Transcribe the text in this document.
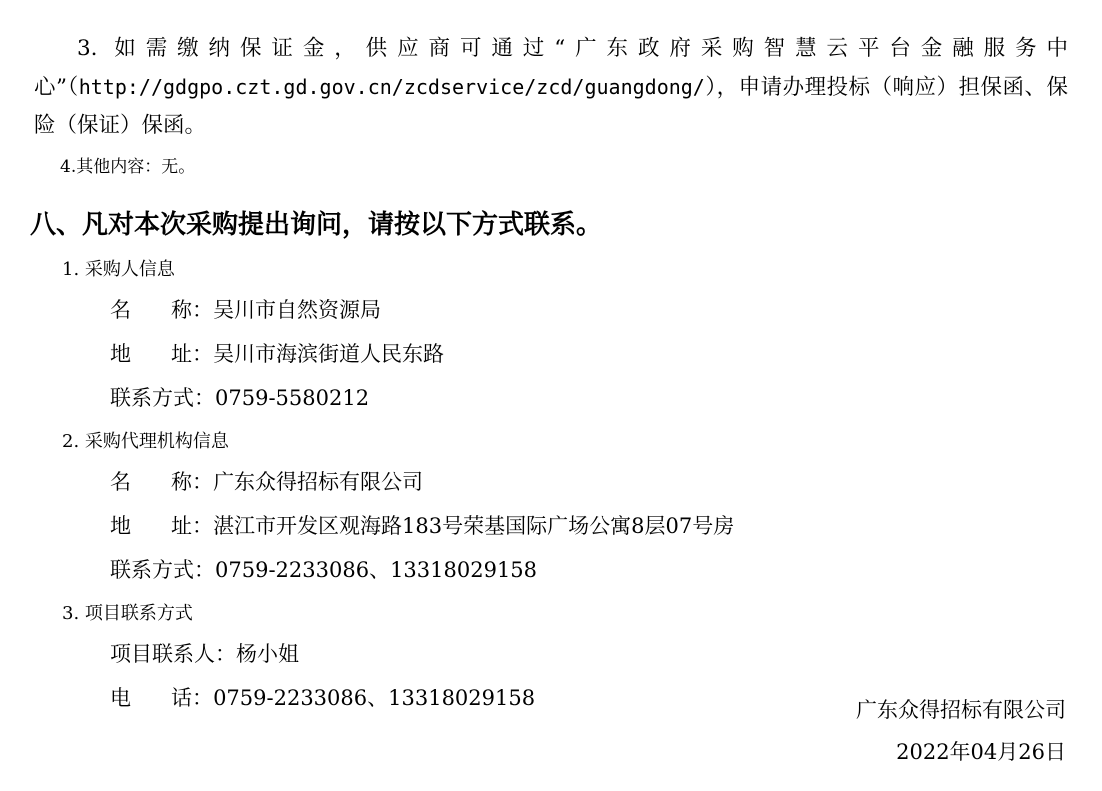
3. 如需缴纳保证金，供应商可通过“广东政府采购智慧云平台金融服务中心”（http://gdgpo.czt.gd.gov.cn/zcdservice/zcd/guangdong/），申请办理投标（响应）担保函、保险（保证）保函。

4.其他内容：无。

八、凡对本次采购提出询问，请按以下方式联系。
1. 采购人信息
名      称：吴川市自然资源局
地      址：吴川市海滨街道人民东路
联系方式：0759-5580212
2. 采购代理机构信息
名      称：广东众得招标有限公司
地      址：湛江市开发区观海路183号荣基国际广场公寓8层07号房
联系方式：0759-2233086、13318029158
3. 项目联系方式
项目联系人：杨小姐
电      话：0759-2233086、13318029158	广东众得招标有限公司
2022年04月26日
